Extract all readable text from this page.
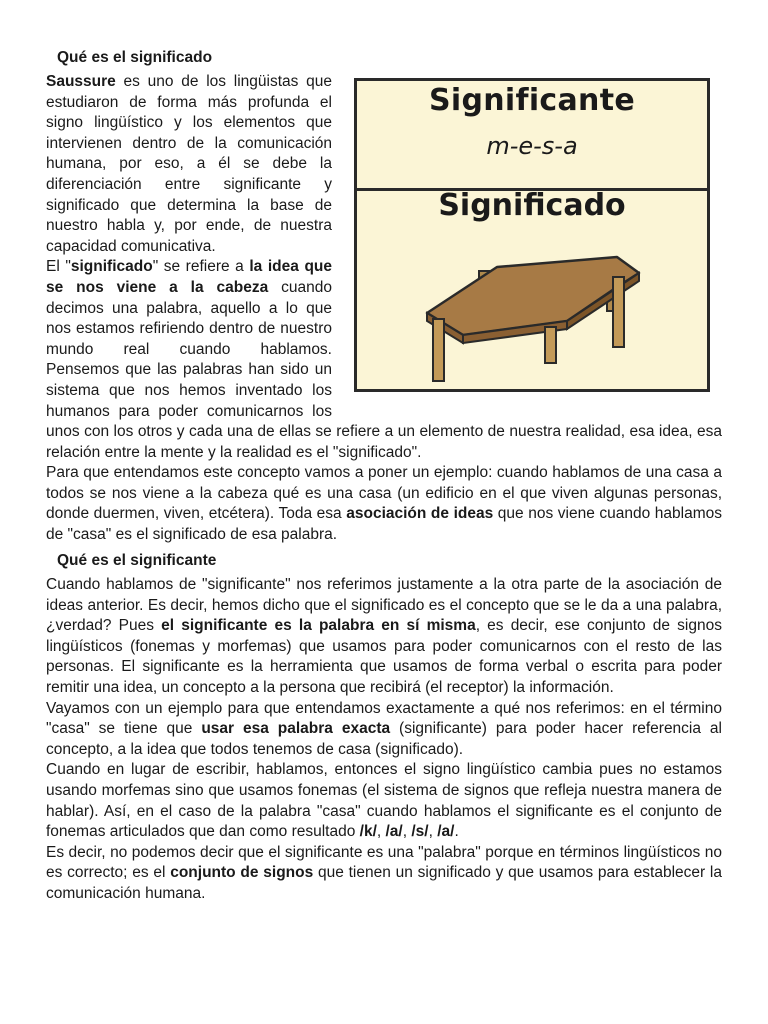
Qué es el significado
Significante
m-e-s-a
Significado

Saussure es uno de los lingüistas que estudiaron de forma más profunda el signo lingüístico y los elementos que intervienen dentro de la comunicación humana, por eso, a él se debe la diferenciación entre significante y significado que determina la base de nuestro habla y, por ende, de nuestra capacidad comunicativa.

El "significado" se refiere a la idea que se nos viene a la cabeza cuando decimos una palabra, aquello a lo que nos estamos refiriendo dentro de nuestro mundo real cuando hablamos. Pensemos que las palabras han sido un sistema que nos hemos inventado los humanos para poder comunicarnos los unos con los otros y cada una de ellas se refiere a un elemento de nuestra realidad, esa idea, esa relación entre la mente y la realidad es el "significado".

Para que entendamos este concepto vamos a poner un ejemplo: cuando hablamos de una casa a todos se nos viene a la cabeza qué es una casa (un edificio en el que viven algunas personas, donde duermen, viven, etcétera). Toda esa asociación de ideas que nos viene cuando hablamos de "casa" es el significado de esa palabra.

Qué es el significante

Cuando hablamos de "significante" nos referimos justamente a la otra parte de la asociación de ideas anterior. Es decir, hemos dicho que el significado es el concepto que se le da a una palabra, ¿verdad? Pues el significante es la palabra en sí misma, es decir, ese conjunto de signos lingüísticos (fonemas y morfemas) que usamos para poder comunicarnos con el resto de las personas. El significante es la herramienta que usamos de forma verbal o escrita para poder remitir una idea, un concepto a la persona que recibirá (el receptor) la información.

Vayamos con un ejemplo para que entendamos exactamente a qué nos referimos: en el término "casa" se tiene que usar esa palabra exacta (significante) para poder hacer referencia al concepto, a la idea que todos tenemos de casa (significado).

Cuando en lugar de escribir, hablamos, entonces el signo lingüístico cambia pues no estamos usando morfemas sino que usamos fonemas (el sistema de signos que refleja nuestra manera de hablar). Así, en el caso de la palabra "casa" cuando hablamos el significante es el conjunto de fonemas articulados que dan como resultado /k/, /a/, /s/, /a/.

Es decir, no podemos decir que el significante es una "palabra" porque en términos lingüísticos no es correcto; es el conjunto de signos que tienen un significado y que usamos para establecer la comunicación humana.
